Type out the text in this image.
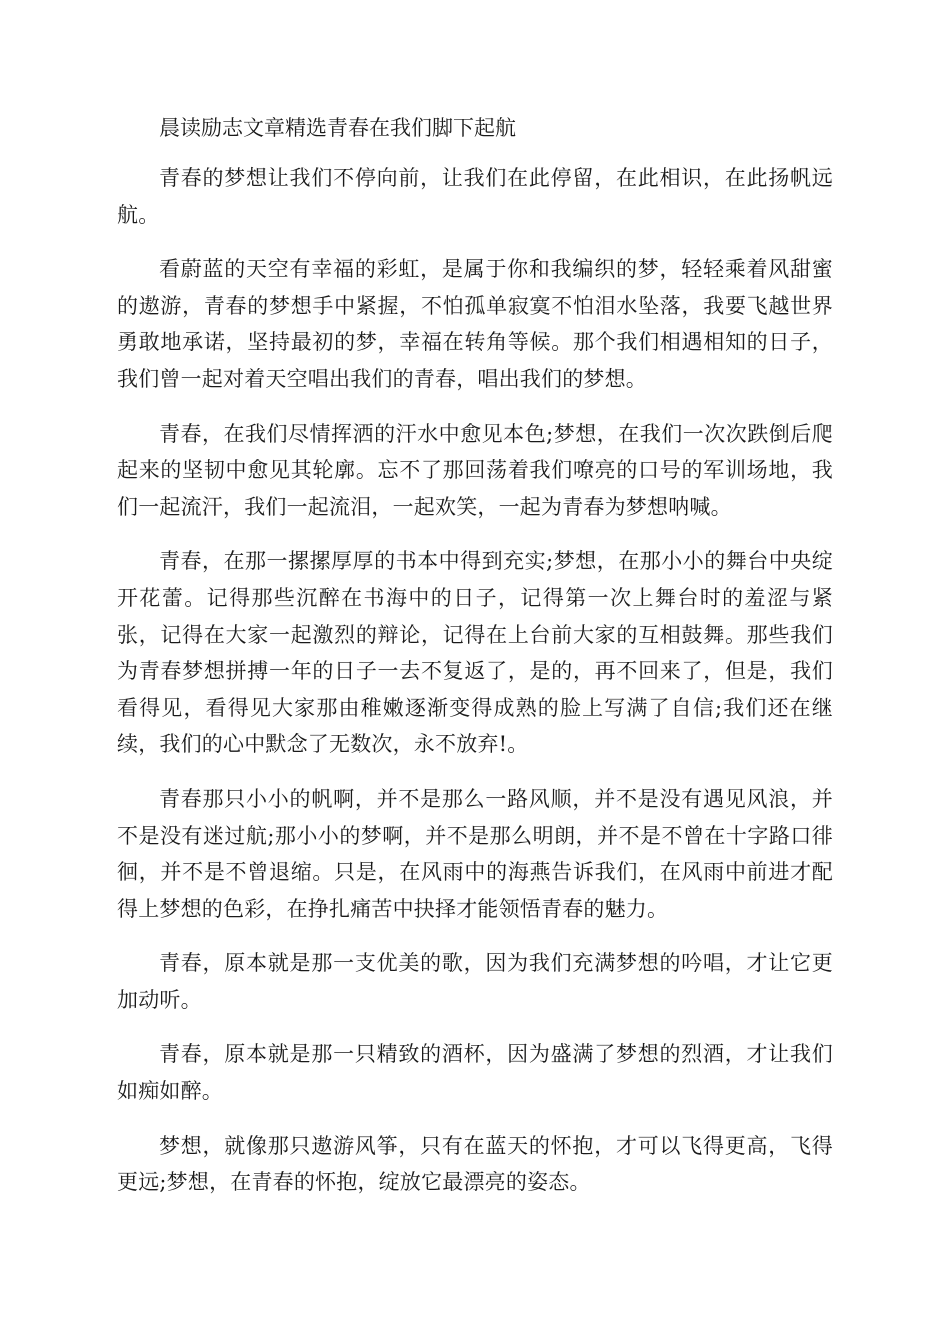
晨读励志文章精选青春在我们脚下起航

青春的梦想让我们不停向前，让我们在此停留，在此相识，在此扬帆远航。

看蔚蓝的天空有幸福的彩虹，是属于你和我编织的梦，轻轻乘着风甜蜜的遨游，青春的梦想手中紧握，不怕孤单寂寞不怕泪水坠落，我要飞越世界勇敢地承诺，坚持最初的梦，幸福在转角等候。那个我们相遇相知的日子，我们曾一起对着天空唱出我们的青春，唱出我们的梦想。

青春，在我们尽情挥洒的汗水中愈见本色;梦想，在我们一次次跌倒后爬起来的坚韧中愈见其轮廓。忘不了那回荡着我们嘹亮的口号的军训场地，我们一起流汗，我们一起流泪，一起欢笑，一起为青春为梦想呐喊。

青春，在那一摞摞厚厚的书本中得到充实;梦想，在那小小的舞台中央绽开花蕾。记得那些沉醉在书海中的日子，记得第一次上舞台时的羞涩与紧张，记得在大家一起激烈的辩论，记得在上台前大家的互相鼓舞。那些我们为青春梦想拼搏一年的日子一去不复返了，是的，再不回来了，但是，我们看得见，看得见大家那由稚嫩逐渐变得成熟的脸上写满了自信;我们还在继续，我们的心中默念了无数次，永不放弃!。

青春那只小小的帆啊，并不是那么一路风顺，并不是没有遇见风浪，并不是没有迷过航;那小小的梦啊，并不是那么明朗，并不是不曾在十字路口徘徊，并不是不曾退缩。只是，在风雨中的海燕告诉我们，在风雨中前进才配得上梦想的色彩，在挣扎痛苦中抉择才能领悟青春的魅力。

青春，原本就是那一支优美的歌，因为我们充满梦想的吟唱，才让它更加动听。

青春，原本就是那一只精致的酒杯，因为盛满了梦想的烈酒，才让我们如痴如醉。

梦想，就像那只遨游风筝，只有在蓝天的怀抱，才可以飞得更高，飞得更远;梦想，在青春的怀抱，绽放它最漂亮的姿态。
